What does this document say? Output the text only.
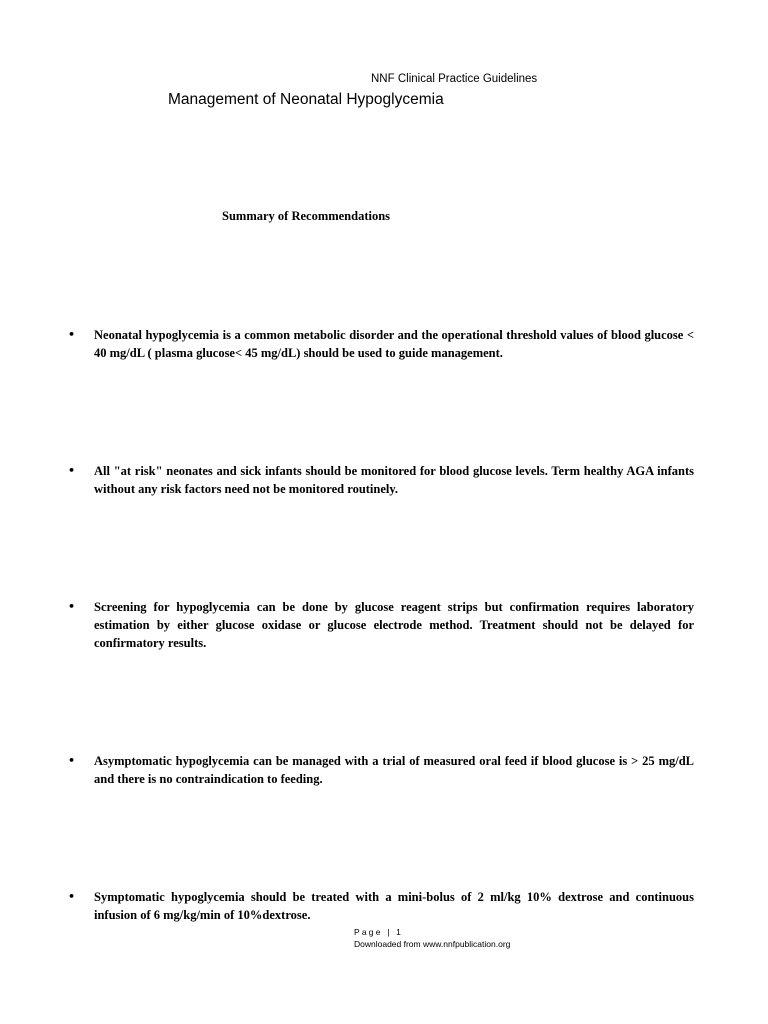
NNF Clinical Practice Guidelines
Management of Neonatal Hypoglycemia
Summary of Recommendations
• Neonatal hypoglycemia is a common metabolic disorder and the operational threshold values of blood glucose < 40 mg/dL ( plasma glucose< 45 mg/dL) should be used to guide management.
• All "at risk" neonates and sick infants should be monitored for blood glucose levels. Term healthy AGA infants without any risk factors need not be monitored routinely.
• Screening for hypoglycemia can be done by glucose reagent strips but confirmation requires laboratory estimation by either glucose oxidase or glucose electrode method. Treatment should not be delayed for confirmatory results.
• Asymptomatic hypoglycemia can be managed with a trial of measured oral feed if blood glucose is > 25 mg/dL and there is no contraindication to feeding.
• Symptomatic hypoglycemia should be treated with a mini-bolus of 2 ml/kg 10% dextrose and continuous infusion of 6 mg/kg/min of 10%dextrose.
Page | 1
Downloaded from www.nnfpublication.org
